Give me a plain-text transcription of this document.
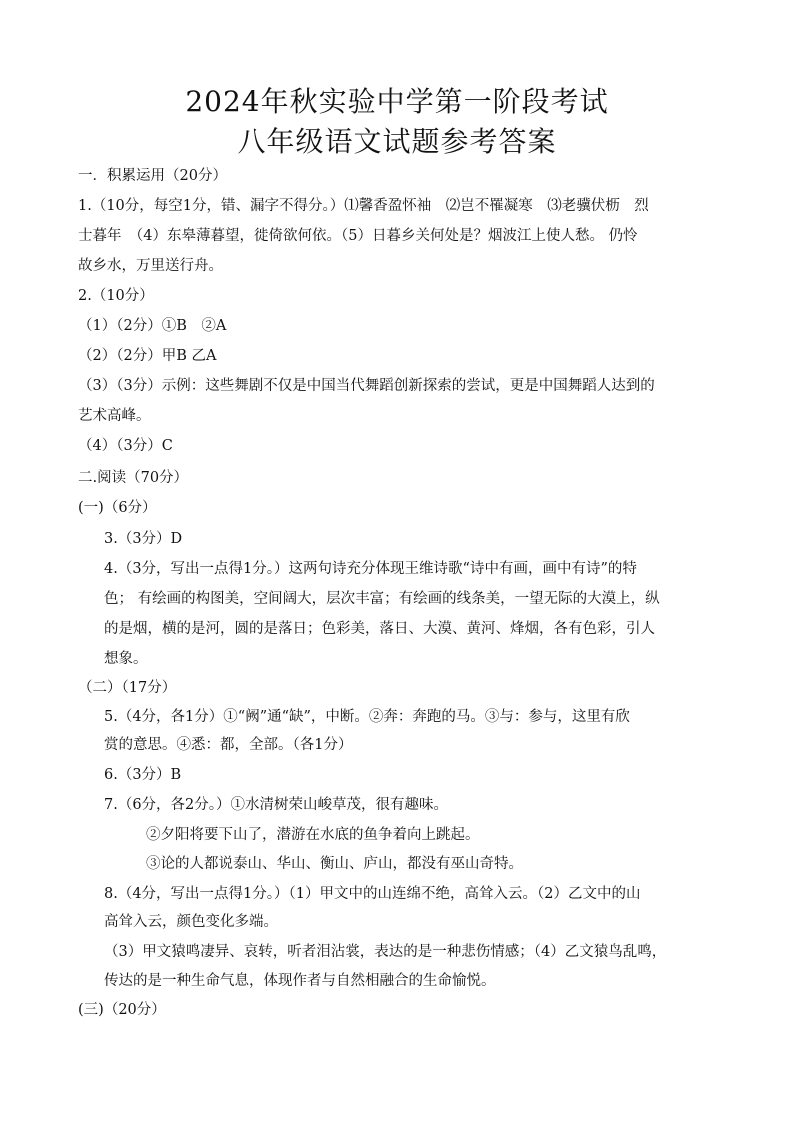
2024年秋实验中学第一阶段考试
八年级语文试题参考答案
一．积累运用（20分）
1.（10分，每空1分，错、漏字不得分。）⑴馨香盈怀袖　⑵岂不罹凝寒　⑶老骥伏枥　烈
士暮年　（4）东皋薄暮望，徙倚欲何依。（5）日暮乡关何处是？烟波江上使人愁。 仍怜
故乡水，万里送行舟。
2.（10分）
（1）（2分）①B　②A
（2）（2分）甲B 乙A
（3）（3分）示例：这些舞剧不仅是中国当代舞蹈创新探索的尝试，更是中国舞蹈人达到的
艺术高峰。
（4）（3分）C
二.阅读（70分）
(一)（6分）
3.（3分）D
4.（3分，写出一点得1分。）这两句诗充分体现王维诗歌“诗中有画，画中有诗”的特
色； 有绘画的构图美，空间阔大，层次丰富；有绘画的线条美，一望无际的大漠上，纵
的是烟，横的是河，圆的是落日；色彩美，落日、大漠、黄河、烽烟，各有色彩，引人
想象。
（二）（17分）
5.（4分，各1分）①“阙”通“缺”，中断。②奔：奔跑的马。③与：参与，这里有欣
赏的意思。④悉：都，全部。（各1分）
6.（3分）B
7.（6分，各2分。）①水清树荣山峻草茂，很有趣味。
②夕阳将要下山了，潜游在水底的鱼争着向上跳起。
③论的人都说泰山、华山、衡山、庐山，都没有巫山奇特。
8.（4分，写出一点得1分。）（1）甲文中的山连绵不绝，高耸入云。（2）乙文中的山
高耸入云，颜色变化多端。
（3）甲文猿鸣凄异、哀转，听者泪沾裳，表达的是一种悲伤情感；（4）乙文猿鸟乱鸣，
传达的是一种生命气息，体现作者与自然相融合的生命愉悦。
(三)（20分）
